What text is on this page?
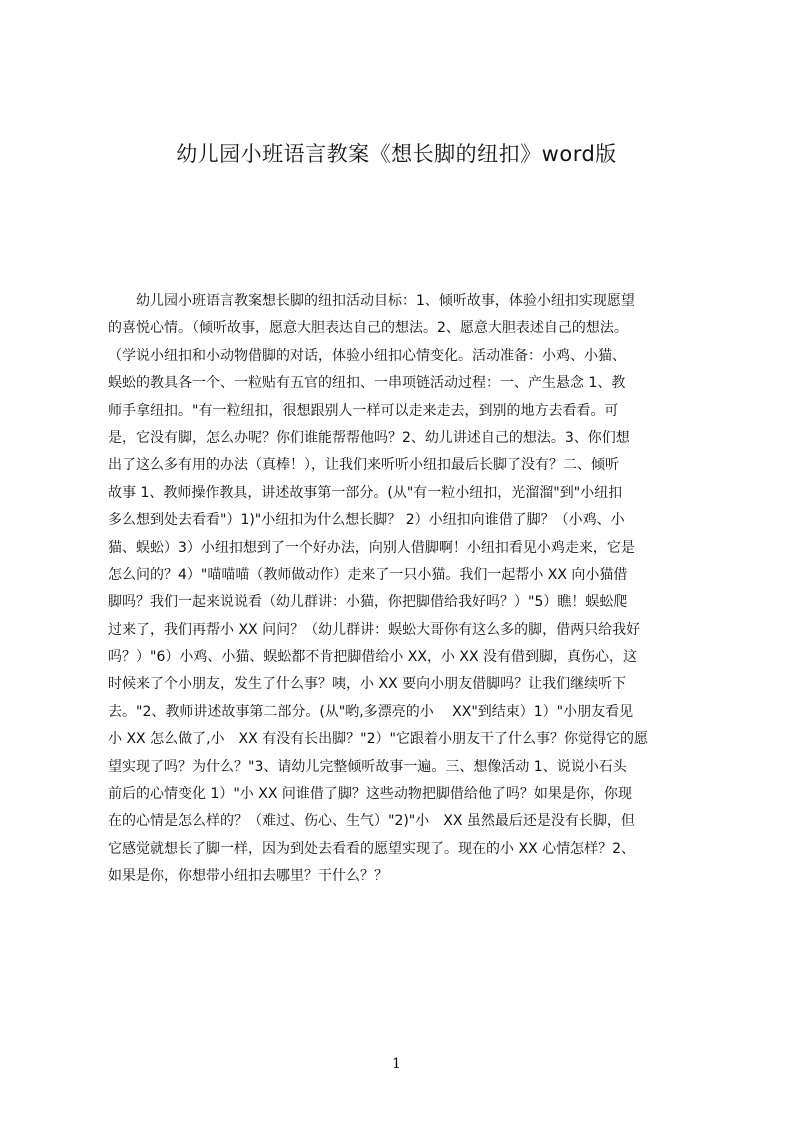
幼儿园小班语言教案《想长脚的纽扣》word版
幼儿园小班语言教案想长脚的纽扣活动目标：1、倾听故事，体验小纽扣实现愿望
的喜悦心情。（倾听故事，愿意大胆表达自己的想法。2、愿意大胆表述自己的想法。
（学说小纽扣和小动物借脚的对话，体验小纽扣心情变化。活动准备：小鸡、小猫、
蜈蚣的教具各一个、一粒贴有五官的纽扣、一串项链活动过程：一、产生悬念 1、教
师手拿纽扣。"有一粒纽扣，很想跟别人一样可以走来走去，到别的地方去看看。可
是，它没有脚，怎么办呢？你们谁能帮帮他吗？2、幼儿讲述自己的想法。3、你们想
出了这么多有用的办法（真棒！），让我们来听听小纽扣最后长脚了没有？二、倾听
故事 1、教师操作教具，讲述故事第一部分。(从"有一粒小纽扣，光溜溜"到"小纽扣
多么想到处去看看"）1)"小纽扣为什么想长脚？ 2）小纽扣向谁借了脚？（小鸡、小
猫、蜈蚣）3）小纽扣想到了一个好办法，向别人借脚啊！小纽扣看见小鸡走来，它是
怎么问的？4）"喵喵喵（教师做动作）走来了一只小猫。我们一起帮小 XX 向小猫借
脚吗？我们一起来说说看（幼儿群讲：小猫，你把脚借给我好吗？）"5）瞧！蜈蚣爬
过来了，我们再帮小 XX 问问？（幼儿群讲：蜈蚣大哥你有这么多的脚，借两只给我好
吗？）"6）小鸡、小猫、蜈蚣都不肯把脚借给小 XX，小 XX 没有借到脚，真伤心，这
时候来了个小朋友，发生了什么事？咦，小 XX 要向小朋友借脚吗？让我们继续听下
去。"2、教师讲述故事第二部分。(从"哟,多漂亮的小　 XX"到结束）1）"小朋友看见
小 XX 怎么做了,小　XX 有没有长出脚？"2）"它跟着小朋友干了什么事？你觉得它的愿
望实现了吗？为什么？"3、请幼儿完整倾听故事一遍。三、想像活动 1、说说小石头
前后的心情变化 1）"小 XX 问谁借了脚？这些动物把脚借给他了吗？如果是你，你现
在的心情是怎么样的？（难过、伤心、生气）"2)"小　XX 虽然最后还是没有长脚，但
它感觉就想长了脚一样，因为到处去看看的愿望实现了。现在的小 XX 心情怎样？2、
如果是你，你想带小纽扣去哪里？干什么？？
1
